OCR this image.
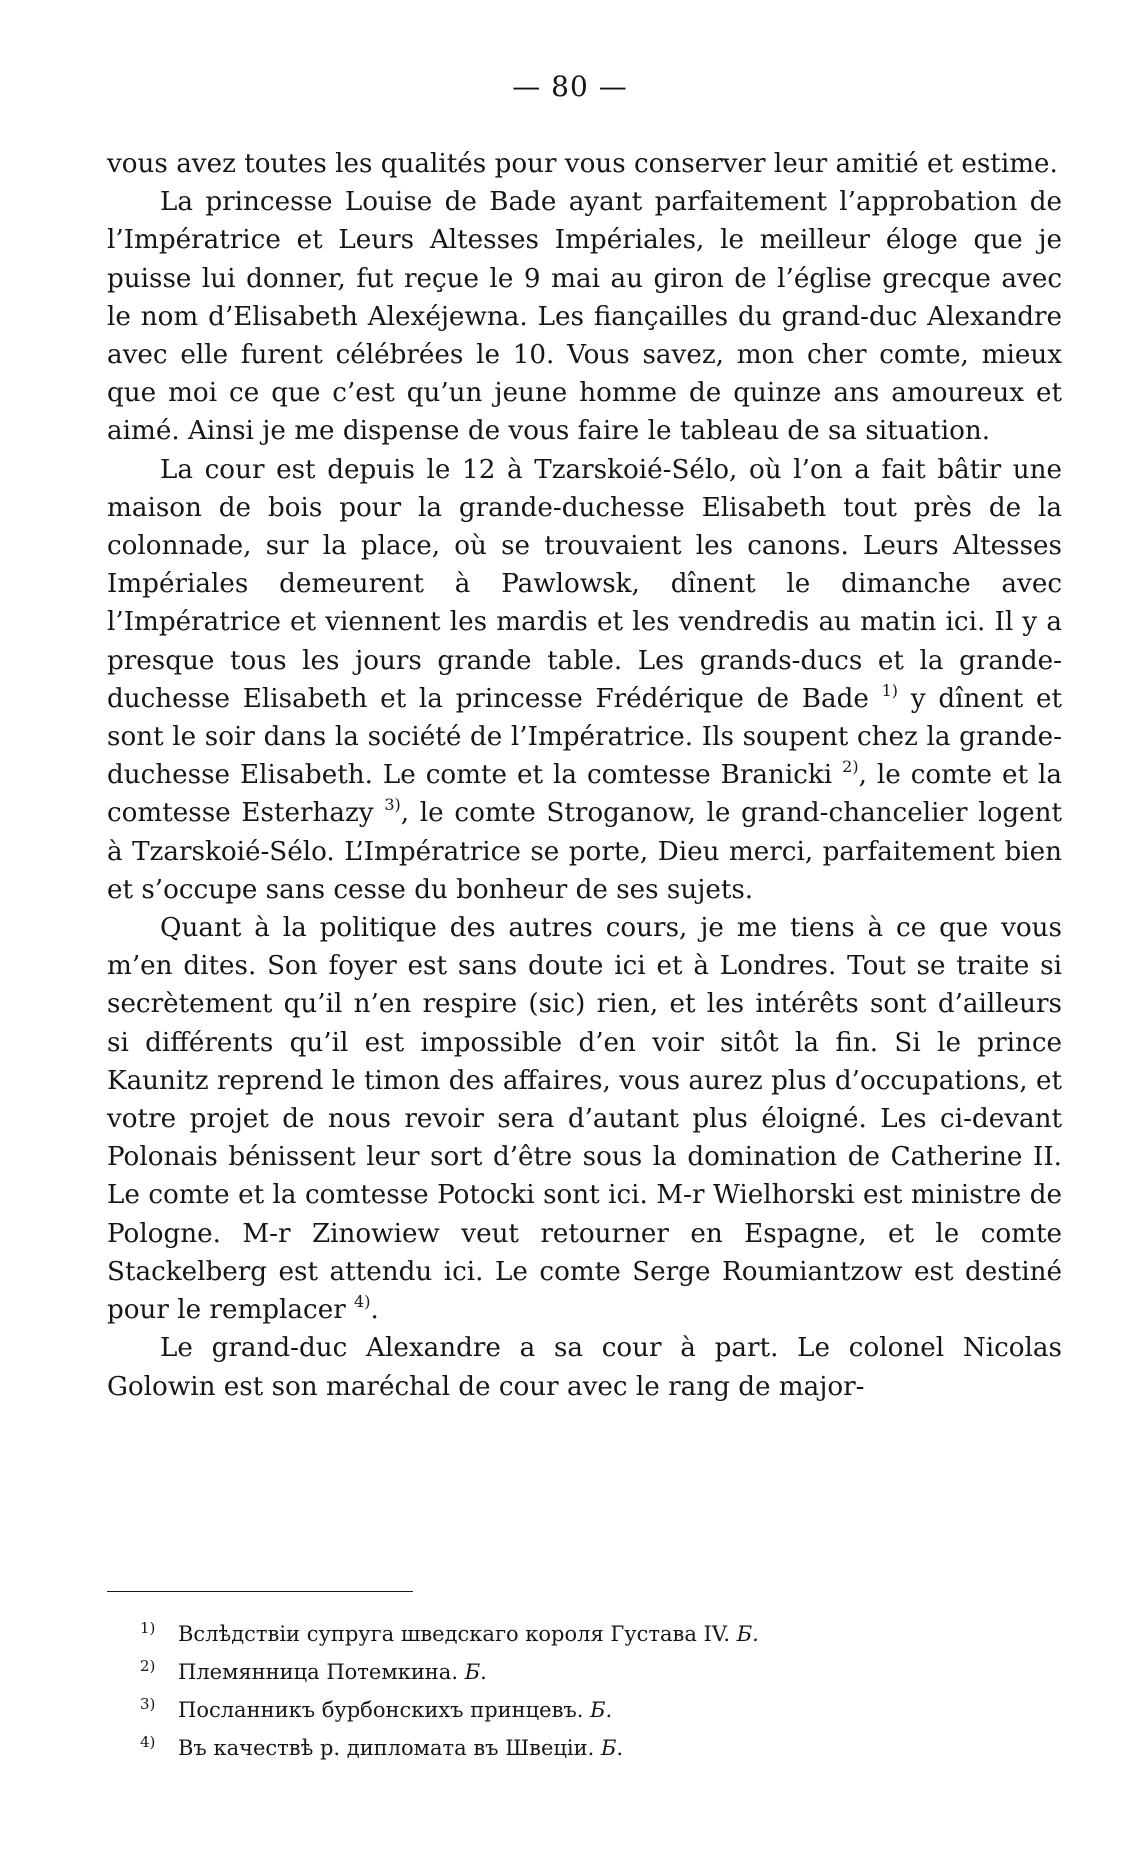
— 80 —

vous avez toutes les qualités pour vous conserver leur amitié et estime.

La princesse Louise de Bade ayant parfaitement l’approbation de l’Impératrice et Leurs Altesses Impériales, le meilleur éloge que je puisse lui donner, fut reçue le 9 mai au giron de l’église grecque avec le nom d’Elisabeth Alexéjewna. Les fiançailles du grand-duc Alexandre avec elle furent célébrées le 10. Vous savez, mon cher comte, mieux que moi ce que c’est qu’un jeune homme de quinze ans amoureux et aimé. Ainsi je me dispense de vous faire le tableau de sa situation.

La cour est depuis le 12 à Tzarskoié-Sélo, où l’on a fait bâtir une maison de bois pour la grande-duchesse Elisabeth tout près de la colonnade, sur la place, où se trouvaient les canons. Leurs Altesses Impériales demeurent à Pawlowsk, dînent le dimanche avec l’Impératrice et viennent les mardis et les vendredis au matin ici. Il y a presque tous les jours grande table. Les grands-ducs et la grande-duchesse Elisabeth et la princesse Frédérique de Bade $^{1)}$ y dînent et sont le soir dans la société de l’Impératrice. Ils soupent chez la grande-duchesse Elisabeth. Le comte et la comtesse Branicki $^{2)}$, le comte et la comtesse Esterhazy $^{3)}$, le comte Stroganow, le grand-chancelier logent à Tzarskoié-Sélo. L’Impératrice se porte, Dieu merci, parfaitement bien et s’occupe sans cesse du bonheur de ses sujets.

Quant à la politique des autres cours, je me tiens à ce que vous m’en dites. Son foyer est sans doute ici et à Londres. Tout se traite si secrètement qu’il n’en respire (sic) rien, et les intérêts sont d’ailleurs si différents qu’il est impossible d’en voir sitôt la fin. Si le prince Kaunitz reprend le timon des affaires, vous aurez plus d’occupations, et votre projet de nous revoir sera d’autant plus éloigné. Les ci-devant Polonais bénissent leur sort d’être sous la domination de Catherine II. Le comte et la comtesse Potocki sont ici. M-r Wielhorski est ministre de Pologne. M-r Zinowiew veut retourner en Espagne, et le comte Stackelberg est attendu ici. Le comte Serge Roumiantzow est destiné pour le remplacer $^{4)}$.

Le grand-duc Alexandre a sa cour à part. Le colonel Nicolas Golowin est son maréchal de cour avec le rang de major-

1) Вслѣдствіи супруга шведскаго короля Густава IV. Б.
2) Племянница Потемкина. Б.
3) Посланникъ бурбонскихъ принцевъ. Б.
4) Въ качествѣ р. дипломата въ Швеціи. Б.
